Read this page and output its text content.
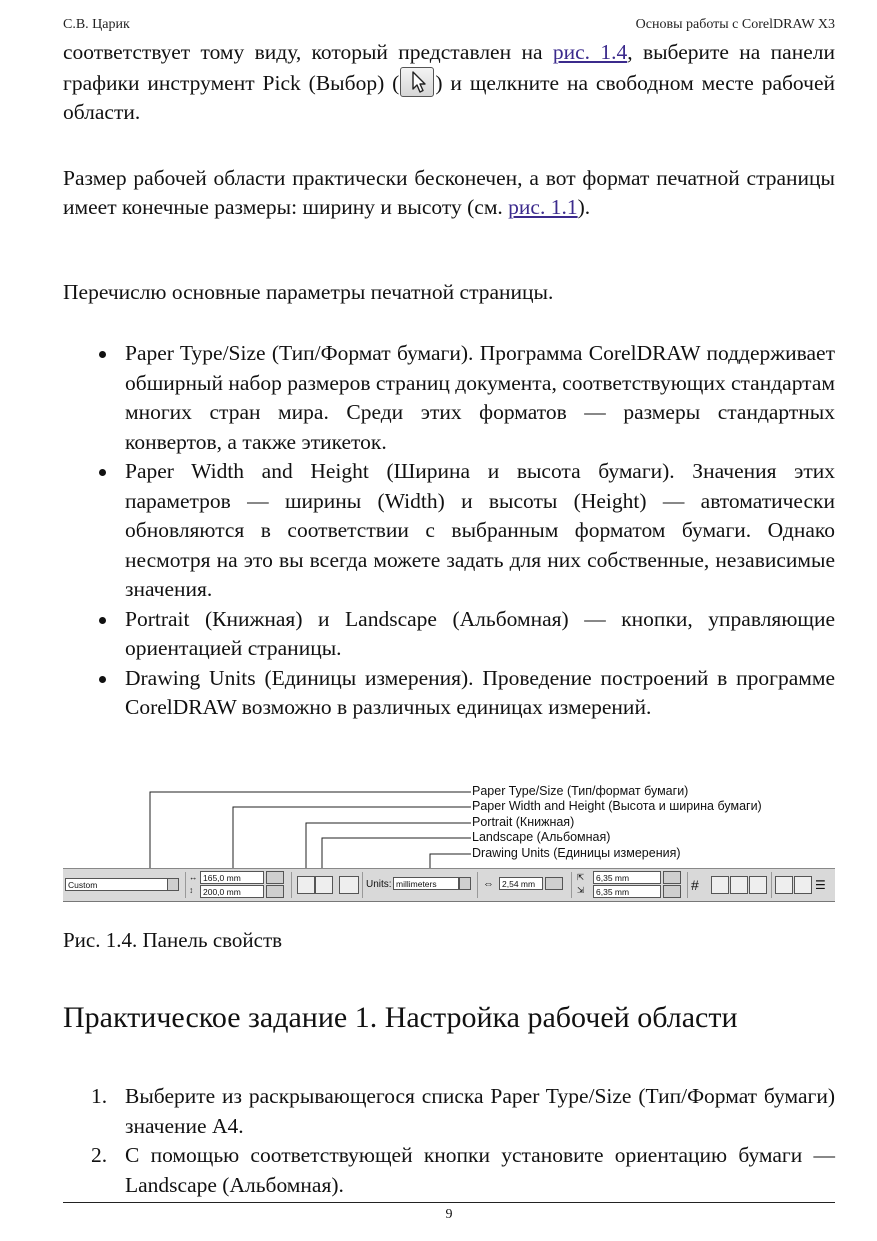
С.В. Царик	Основы работы с CorelDRAW X3

соответствует тому виду, который представлен на рис. 1.4, выберите на панели графики инструмент Pick (Выбор) ( ) и щелкните на свободном месте рабочей области.

Размер рабочей области практически бесконечен, а вот формат печатной страницы имеет конечные размеры: ширину и высоту (см. рис. 1.1).

Перечислю основные параметры печатной страницы.

Paper Type/Size (Тип/Формат бумаги). Программа CorelDRAW поддерживает обширный набор размеров страниц документа, соответствующих стандартам многих стран мира. Среди этих форматов — размеры стандартных конвертов, а также этикеток.
Paper Width and Height (Ширина и высота бумаги). Значения этих параметров — ширины (Width) и высоты (Height) — автоматически обновляются в соответствии с выбранным форматом бумаги. Однако несмотря на это вы всегда можете задать для них собственные, независимые значения.
Portrait (Книжная) и Landscape (Альбомная) — кнопки, управляющие ориентацией страницы.
Drawing Units (Единицы измерения). Проведение построений в программе CorelDRAW возможно в различных единицах измерений.
Paper Type/Size (Тип/формат бумаги)
Paper Width and Height (Высота и ширина бумаги)
Portrait (Книжная)
Landscape (Альбомная)
Drawing Units (Единицы измерения)
Custom
↔
↕
165,0 mm
200,0 mm
Units: millimeters	⇔ 2,54 mm
⇱
⇲
6,35 mm
6,35 mm	#	☰
Рис. 1.4. Панель свойств
Практическое задание 1. Настройка рабочей области
1. Выберите из раскрывающегося списка Paper Type/Size (Тип/Формат бумаги) значение A4.
2. С помощью соответствующей кнопки установите ориентацию бумаги — Landscape (Альбомная).
9
